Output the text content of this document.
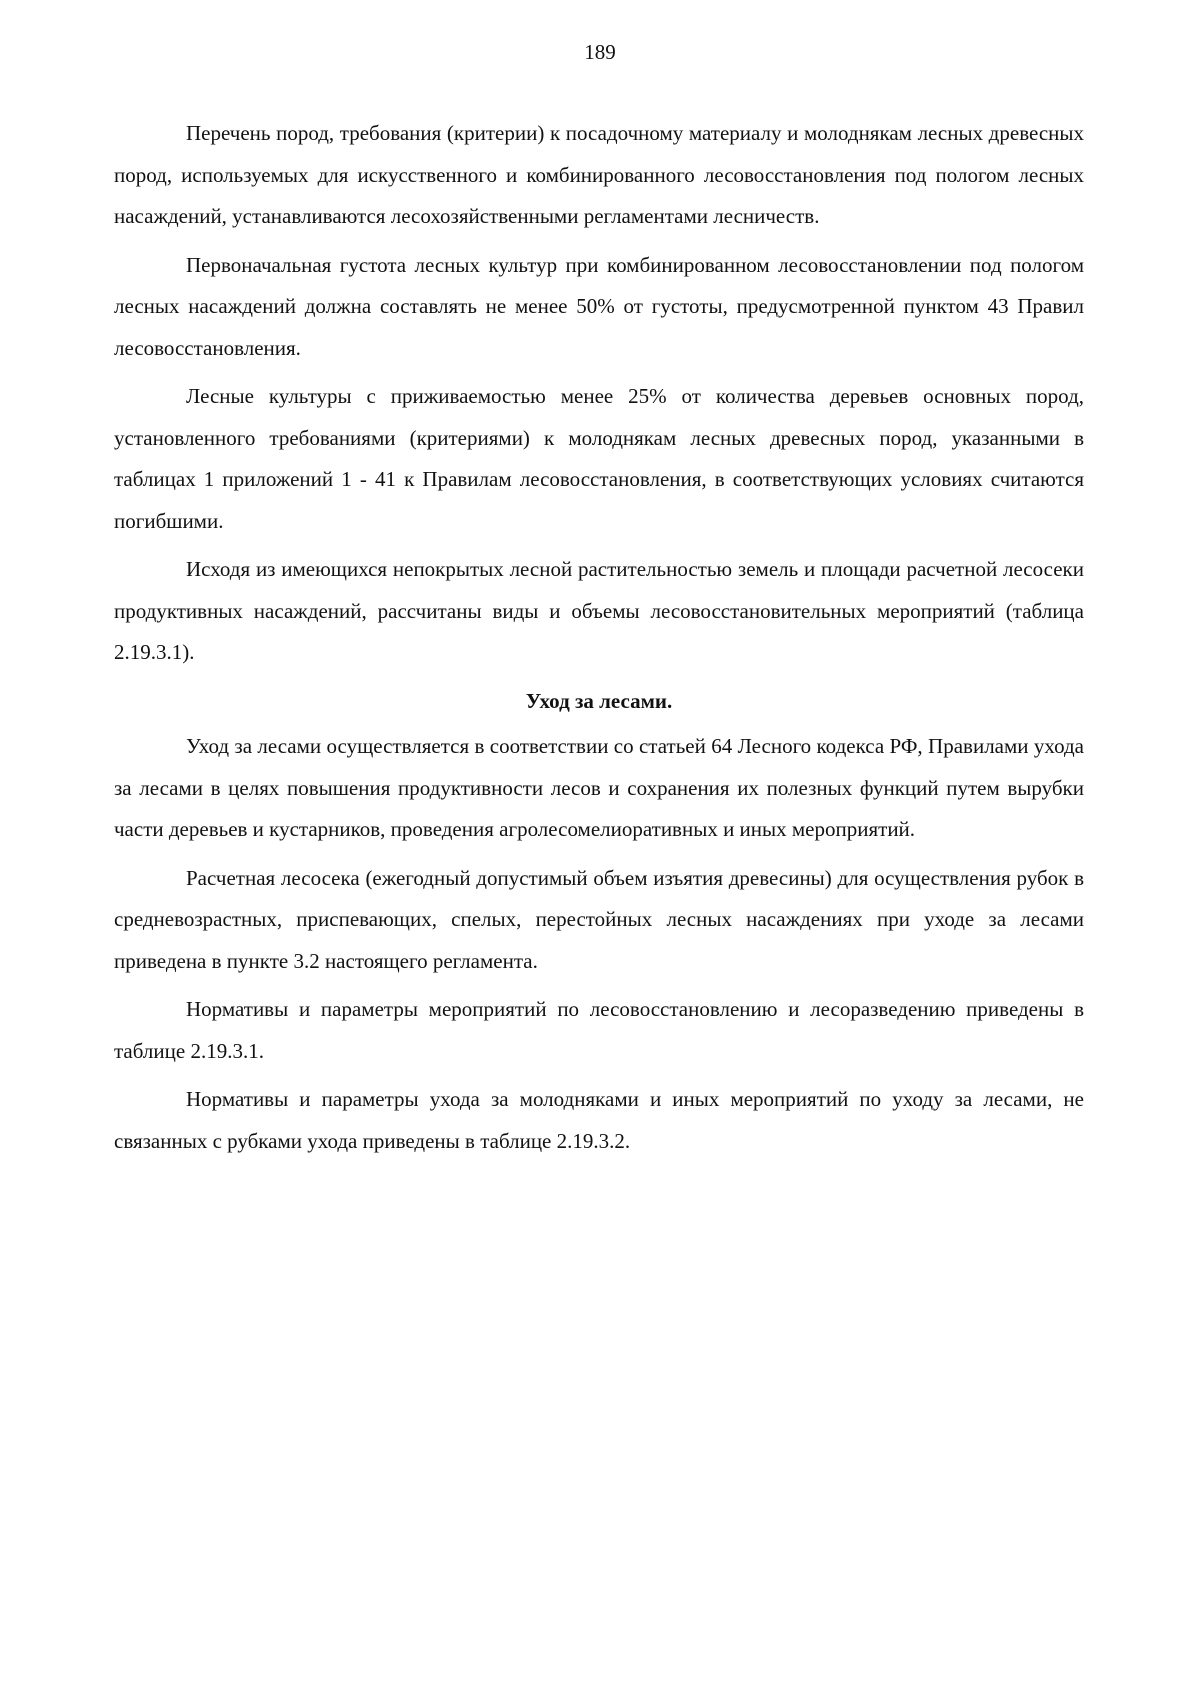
189

Перечень пород, требования (критерии) к посадочному материалу и молоднякам лесных древесных пород, используемых для искусственного и комбинированного лесовосстановления под пологом лесных насаждений, устанавливаются лесохозяйственными регламентами лесничеств.

Первоначальная густота лесных культур при комбинированном лесовосстановлении под пологом лесных насаждений должна составлять не менее 50% от густоты, предусмотренной пунктом 43 Правил лесовосстановления.

Лесные культуры с приживаемостью менее 25% от количества деревьев основных пород, установленного требованиями (критериями) к молоднякам лесных древесных пород, указанными в таблицах 1 приложений 1 - 41 к Правилам лесовосстановления, в соответствующих условиях считаются погибшими.

Исходя из имеющихся непокрытых лесной растительностью земель и площади расчетной лесосеки продуктивных насаждений, рассчитаны виды и объемы лесовосстановительных мероприятий (таблица 2.19.3.1).

Уход за лесами.

Уход за лесами осуществляется в соответствии со статьей 64 Лесного кодекса РФ, Правилами ухода за лесами в целях повышения продуктивности лесов и сохранения их полезных функций путем вырубки части деревьев и кустарников, проведения агролесомелиоративных и иных мероприятий.

Расчетная лесосека (ежегодный допустимый объем изъятия древесины) для осуществления рубок в средневозрастных, приспевающих, спелых, перестойных лесных насаждениях при уходе за лесами приведена в пункте 3.2 настоящего регламента.

Нормативы и параметры мероприятий по лесовосстановлению и лесоразведению приведены в таблице 2.19.3.1.

Нормативы и параметры ухода за молодняками и иных мероприятий по уходу за лесами, не связанных с рубками ухода приведены в таблице 2.19.3.2.
